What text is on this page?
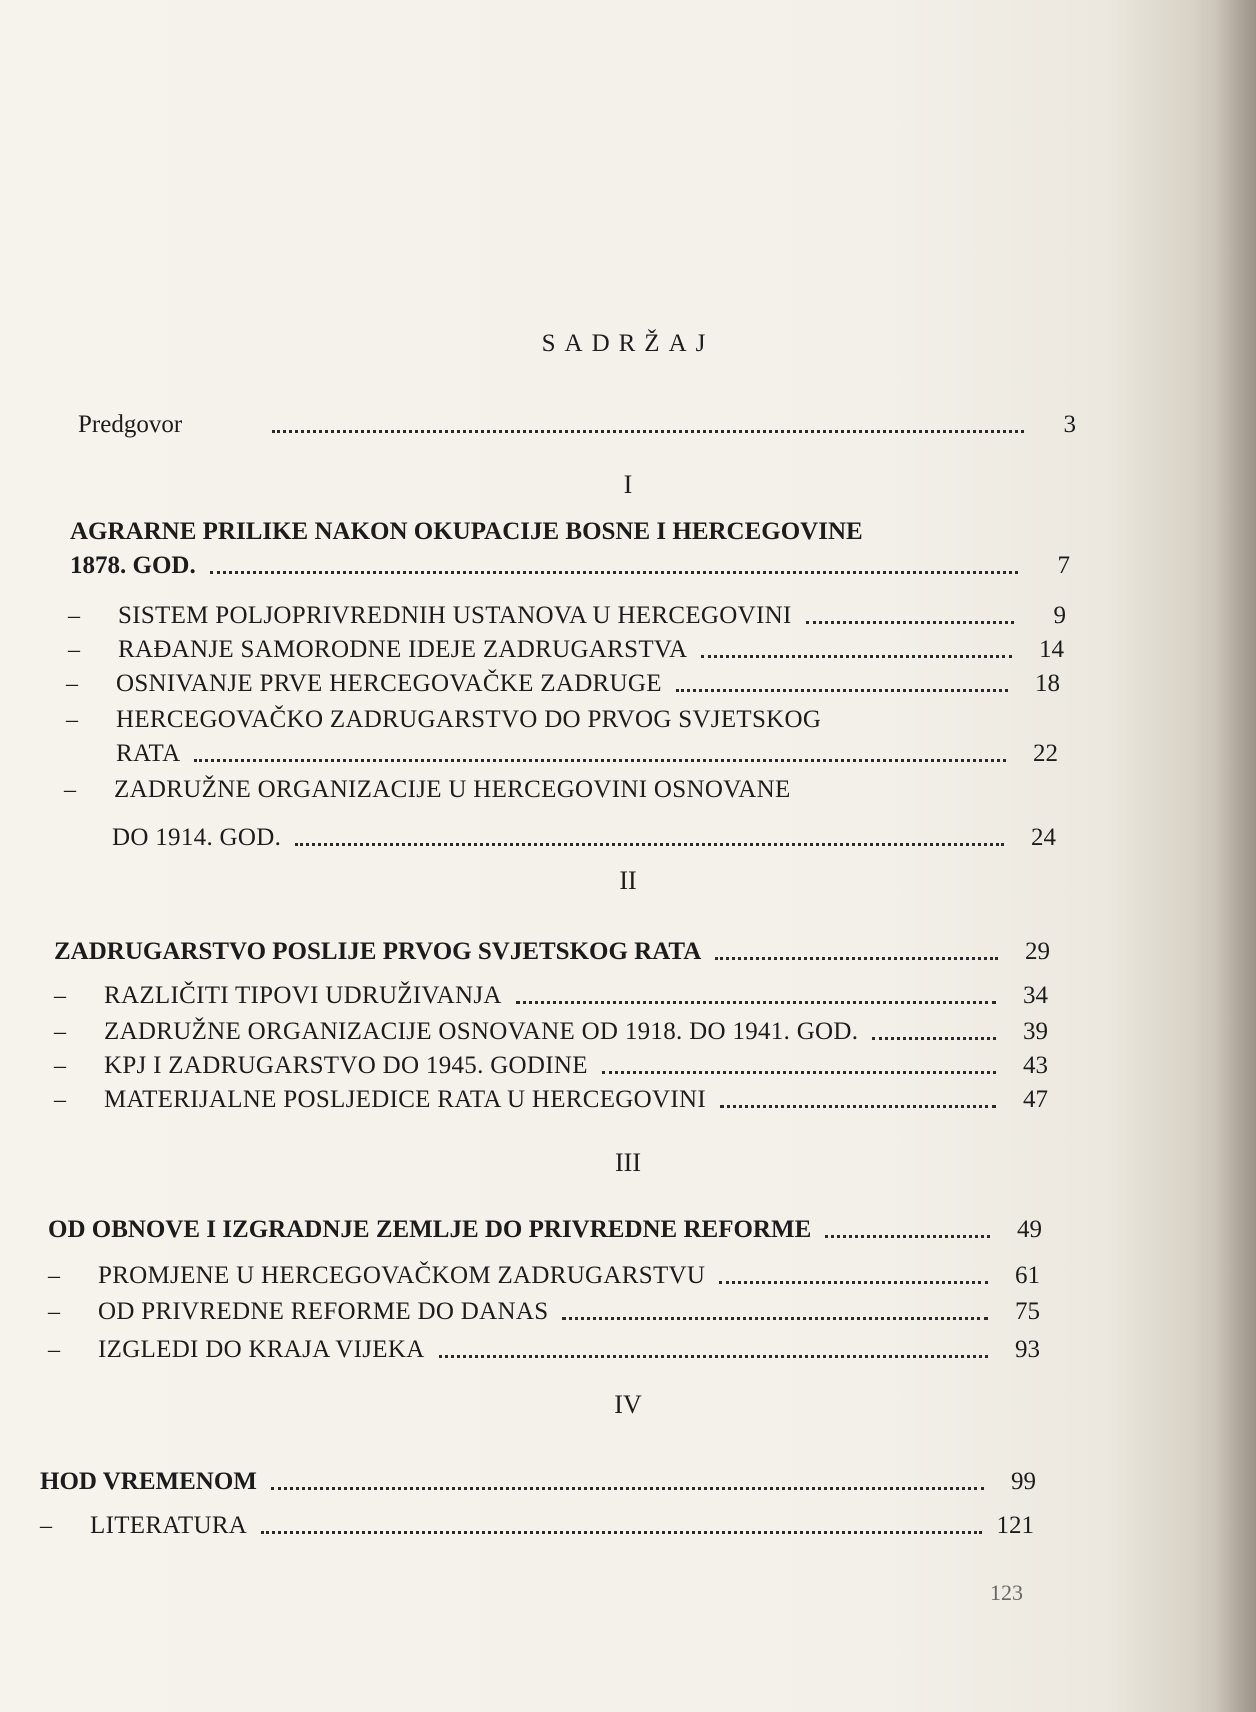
SADRŽAJ
Predgovor	3
I
AGRARNE PRILIKE NAKON OKUPACIJE BOSNE I HERCEGOVINE
1878. GOD.	7
–	SISTEM POLJOPRIVREDNIH USTANOVA U HERCEGOVINI	9
–	RAĐANJE SAMORODNE IDEJE ZADRUGARSTVA	14
–	OSNIVANJE PRVE HERCEGOVAČKE ZADRUGE	18
–	HERCEGOVAČKO ZADRUGARSTVO DO PRVOG SVJETSKOG
RATA	22
–	ZADRUŽNE ORGANIZACIJE U HERCEGOVINI OSNOVANE
DO 1914. GOD.	24
II
ZADRUGARSTVO POSLIJE PRVOG SVJETSKOG RATA	29
–	RAZLIČITI TIPOVI UDRUŽIVANJA	34
–	ZADRUŽNE ORGANIZACIJE OSNOVANE OD 1918. DO 1941. GOD.	39
–	KPJ I ZADRUGARSTVO DO 1945. GODINE	43
–	MATERIJALNE POSLJEDICE RATA U HERCEGOVINI	47
III
OD OBNOVE I IZGRADNJE ZEMLJE DO PRIVREDNE REFORME	49
–	PROMJENE U HERCEGOVAČKOM ZADRUGARSTVU	61
–	OD PRIVREDNE REFORME DO DANAS	75
–	IZGLEDI DO KRAJA VIJEKA	93
IV
HOD VREMENOM	99
–	LITERATURA	121
123
